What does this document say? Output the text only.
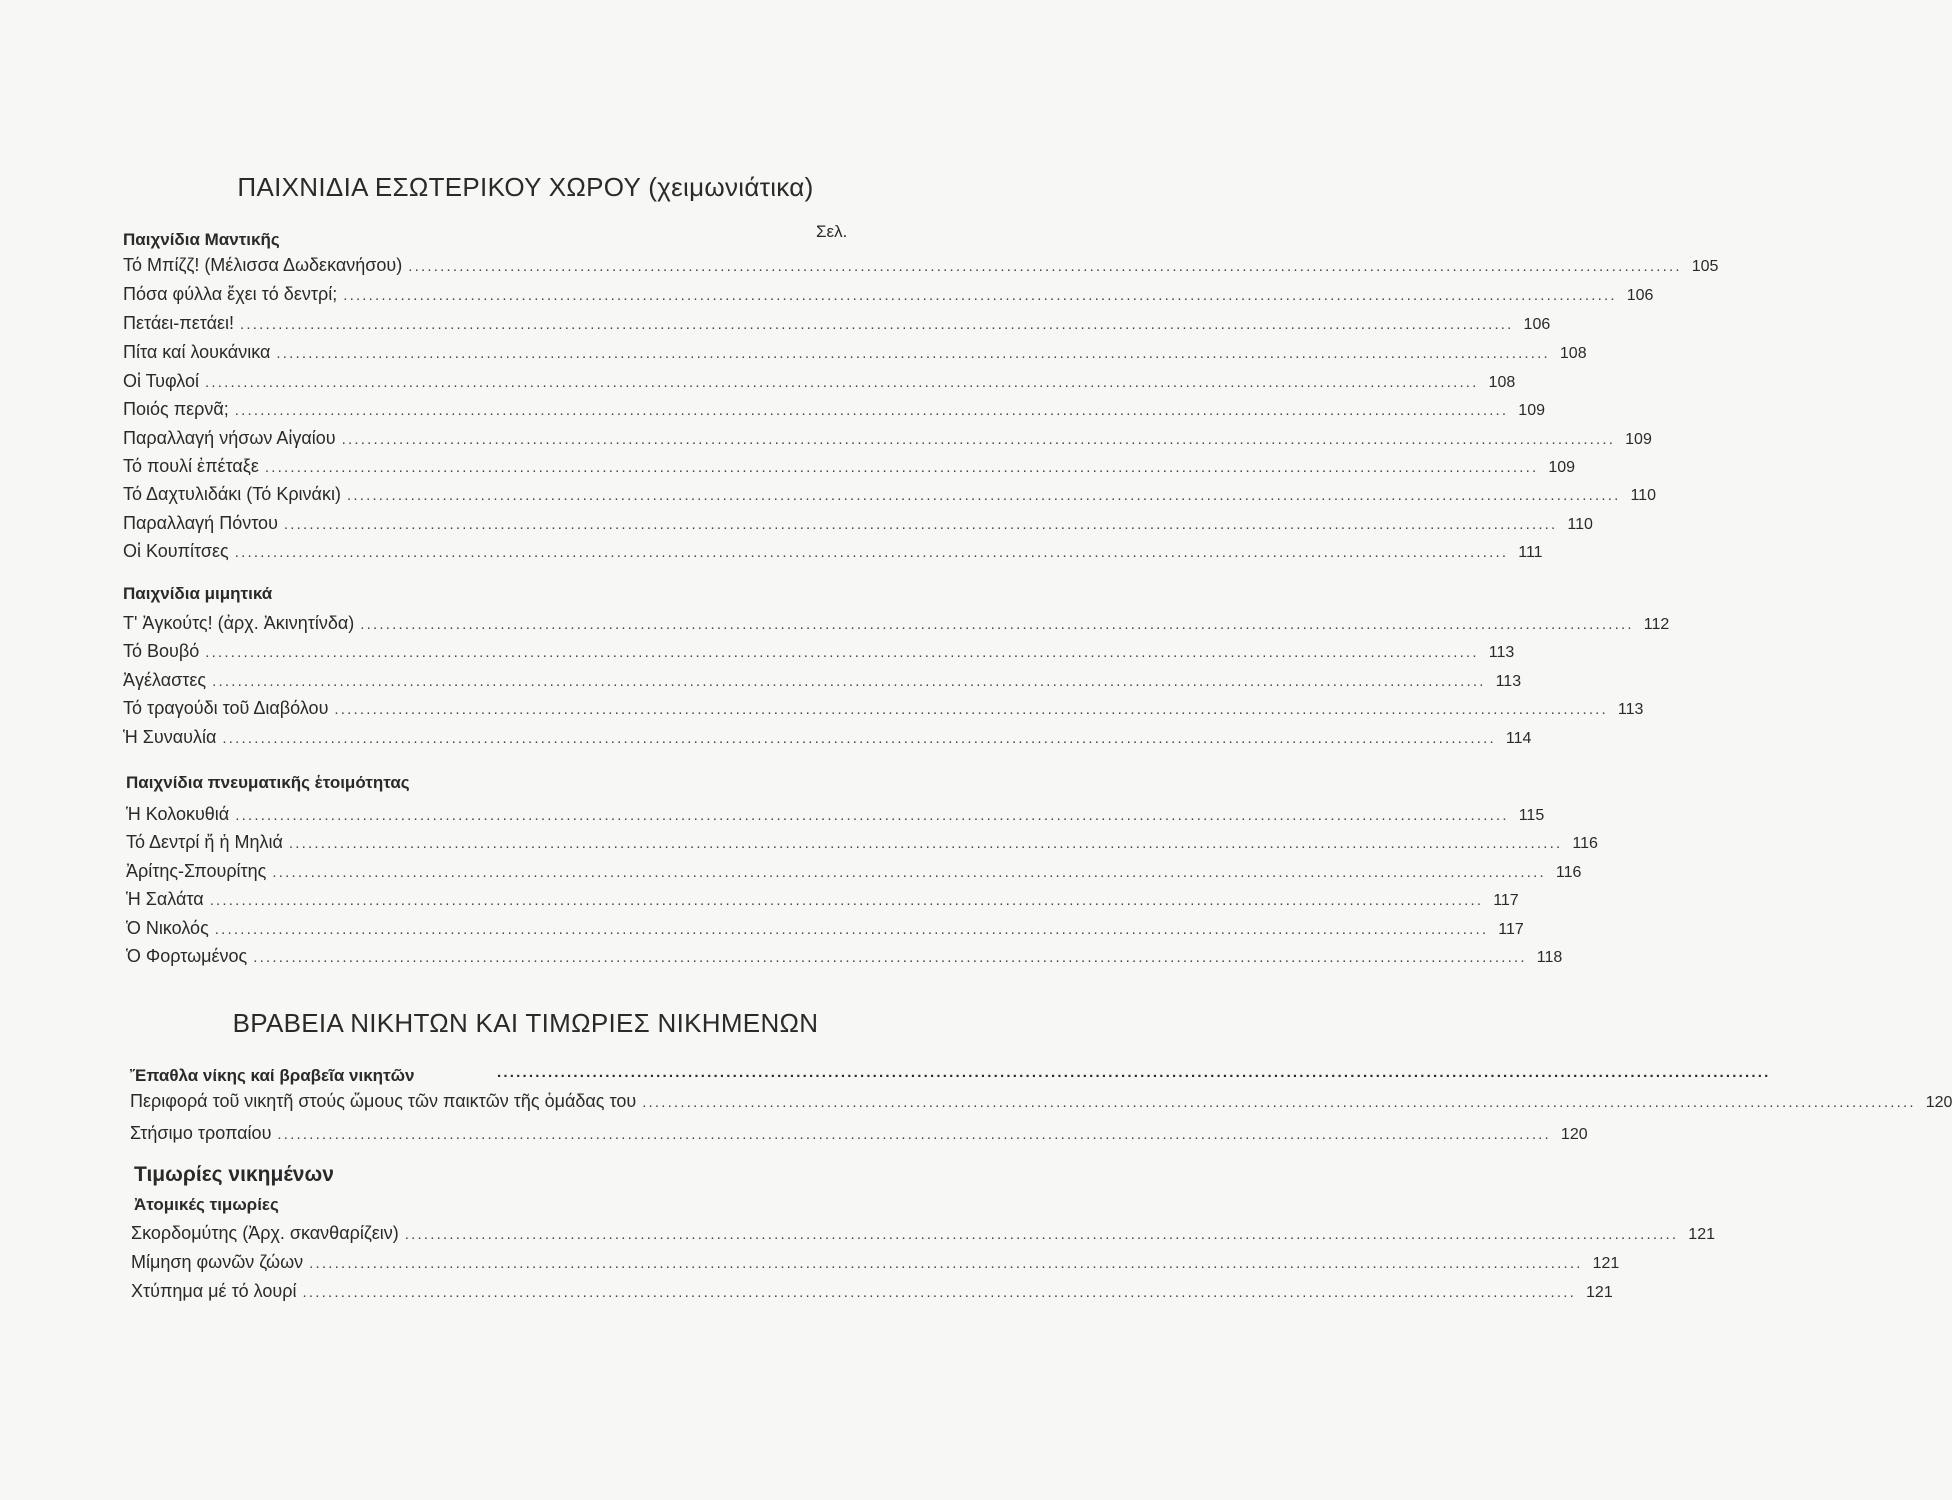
ΠΑΙΧΝΙΔΙΑ ΕΣΩΤΕΡΙΚΟΥ ΧΩΡΟΥ (χειμωνιάτικα)
Σελ.
Παιχνίδια Μαντικῆς
Τό Μπίζζ! (Μέλισσα Δωδεκανήσου) ........................................................................................................................................................................................................ 105
Πόσα φύλλα ἔχει τό δεντρί; ........................................................................................................................................................................................................ 106
Πετάει-πετάει! ........................................................................................................................................................................................................ 106
Πίτα καί λουκάνικα ........................................................................................................................................................................................................ 108
Οἱ Τυφλοί ........................................................................................................................................................................................................ 108
Ποιός περνᾶ; ........................................................................................................................................................................................................ 109
Παραλλαγή νήσων Αἰγαίου ........................................................................................................................................................................................................ 109
Τό πουλί ἐπέταξε ........................................................................................................................................................................................................ 109
Τό Δαχτυλιδάκι (Τό Κρινάκι) ........................................................................................................................................................................................................ 110
Παραλλαγή Πόντου ........................................................................................................................................................................................................ 110
Οἱ Κουπίτσες ........................................................................................................................................................................................................ 111
Παιχνίδια μιμητικά
Τ' Ἀγκούτς! (ἀρχ. Ἀκινητίνδα) ........................................................................................................................................................................................................ 112
Τό Βουβό ........................................................................................................................................................................................................ 113
Ἀγέλαστες ........................................................................................................................................................................................................ 113
Τό τραγούδι τοῦ Διαβόλου ........................................................................................................................................................................................................ 113
Ἡ Συναυλία ........................................................................................................................................................................................................ 114
Παιχνίδια πνευματικῆς ἑτοιμότητας
Ἡ Κολοκυθιά ........................................................................................................................................................................................................ 115
Τό Δεντρί ἤ ἡ Μηλιά ........................................................................................................................................................................................................ 116
Ἀρίτης-Σπουρίτης ........................................................................................................................................................................................................ 116
Ἡ Σαλάτα ........................................................................................................................................................................................................ 117
Ὁ Νικολός ........................................................................................................................................................................................................ 117
Ὁ Φορτωμένος ........................................................................................................................................................................................................ 118
ΒΡΑΒΕΙΑ ΝΙΚΗΤΩΝ ΚΑΙ ΤΙΜΩΡΙΕΣ ΝΙΚΗΜΕΝΩΝ
Ἔπαθλα νίκης καί βραβεῖα νικητῶν	........................................................................................................................................................................................................
Περιφορά τοῦ νικητῆ στούς ὤμους τῶν παικτῶν τῆς ὁμάδας του ........................................................................................................................................................................................................ 120
Στήσιμο τροπαίου ........................................................................................................................................................................................................ 120
Τιμωρίες νικημένων
Ἀτομικές τιμωρίες
Σκορδομύτης (Ἀρχ. σκανθαρίζειν) ........................................................................................................................................................................................................ 121
Μίμηση φωνῶν ζώων ........................................................................................................................................................................................................ 121
Χτύπημα μέ τό λουρί ........................................................................................................................................................................................................ 121
